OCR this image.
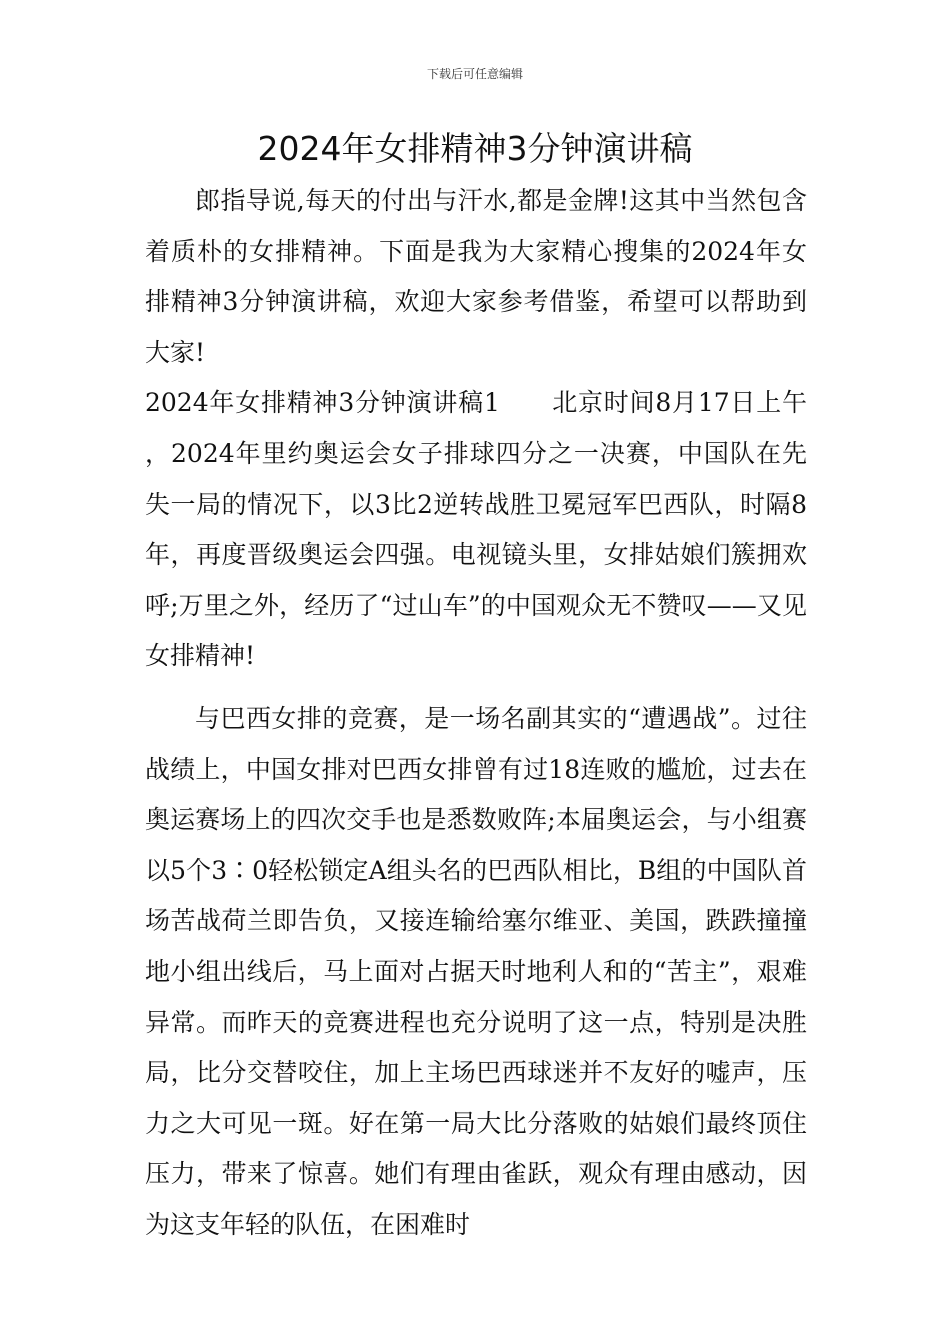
下载后可任意编辑
2024年女排精神3分钟演讲稿

郎指导说,每天的付出与汗水,都是金牌!这其中当然包含着质朴的女排精神。下面是我为大家精心搜集的2024年女排精神3分钟演讲稿，欢迎大家参考借鉴，希望可以帮助到大家!

2024年女排精神3分钟演讲稿1　　北京时间8月17日上午，2024年里约奥运会女子排球四分之一决赛，中国队在先失一局的情况下，以3比2逆转战胜卫冕冠军巴西队，时隔8年，再度晋级奥运会四强。电视镜头里，女排姑娘们簇拥欢呼;万里之外，经历了“过山车”的中国观众无不赞叹——又见女排精神!

与巴西女排的竞赛，是一场名副其实的“遭遇战”。过往战绩上，中国女排对巴西女排曾有过18连败的尴尬，过去在奥运赛场上的四次交手也是悉数败阵;本届奥运会，与小组赛以5个3∶0轻松锁定A组头名的巴西队相比，B组的中国队首场苦战荷兰即告负，又接连输给塞尔维亚、美国，跌跌撞撞地小组出线后，马上面对占据天时地利人和的“苦主”，艰难异常。而昨天的竞赛进程也充分说明了这一点，特别是决胜局，比分交替咬住，加上主场巴西球迷并不友好的嘘声，压力之大可见一斑。好在第一局大比分落败的姑娘们最终顶住压力，带来了惊喜。她们有理由雀跃，观众有理由感动，因为这支年轻的队伍，在困难时
